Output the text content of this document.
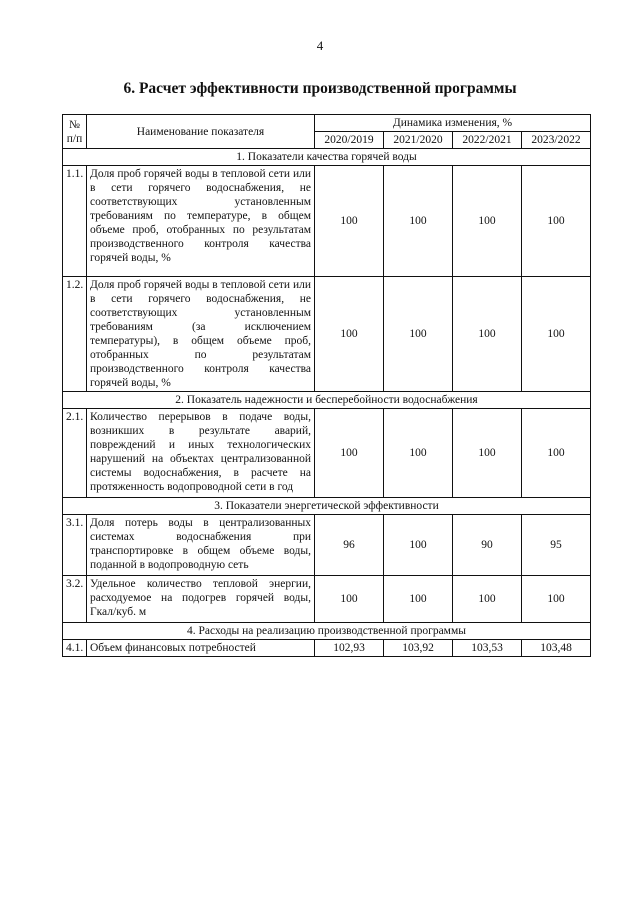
4
6. Расчет эффективности производственной программы
№ п/п	Наименование показателя	Динамика изменения, %			
		2020/2019	2021/2020	2022/2021	2023/2022
1. Показатели качества горячей воды					
1.1.	Доля проб горячей воды в тепловой сети или в сети горячего водоснабжения, не соответствующих установленным требованиям по температуре, в общем объеме проб, отобранных по результатам производственного контроля качества горячей воды, %	100	100	100	100
1.2.	Доля проб горячей воды в тепловой сети или в сети горячего водоснабжения, не соответствующих установленным требованиям (за исключением температуры), в общем объеме проб, отобранных по результатам производственного контроля качества горячей воды, %	100	100	100	100
2. Показатель надежности и бесперебойности водоснабжения					
2.1.	Количество перерывов в подаче воды, возникших в результате аварий, повреждений и иных технологических нарушений на объектах централизованной системы водоснабжения, в расчете на протяженность водопроводной сети в год	100	100	100	100
3. Показатели энергетической эффективности					
3.1.	Доля потерь воды в централизованных системах водоснабжения при транспортировке в общем объеме воды, поданной в водопроводную сеть	96	100	90	95
3.2.	Удельное количество тепловой энергии, расходуемое на подогрев горячей воды, Гкал/куб. м	100	100	100	100
4. Расходы на реализацию производственной программы					
4.1.	Объем финансовых потребностей	102,93	103,92	103,53	103,48
